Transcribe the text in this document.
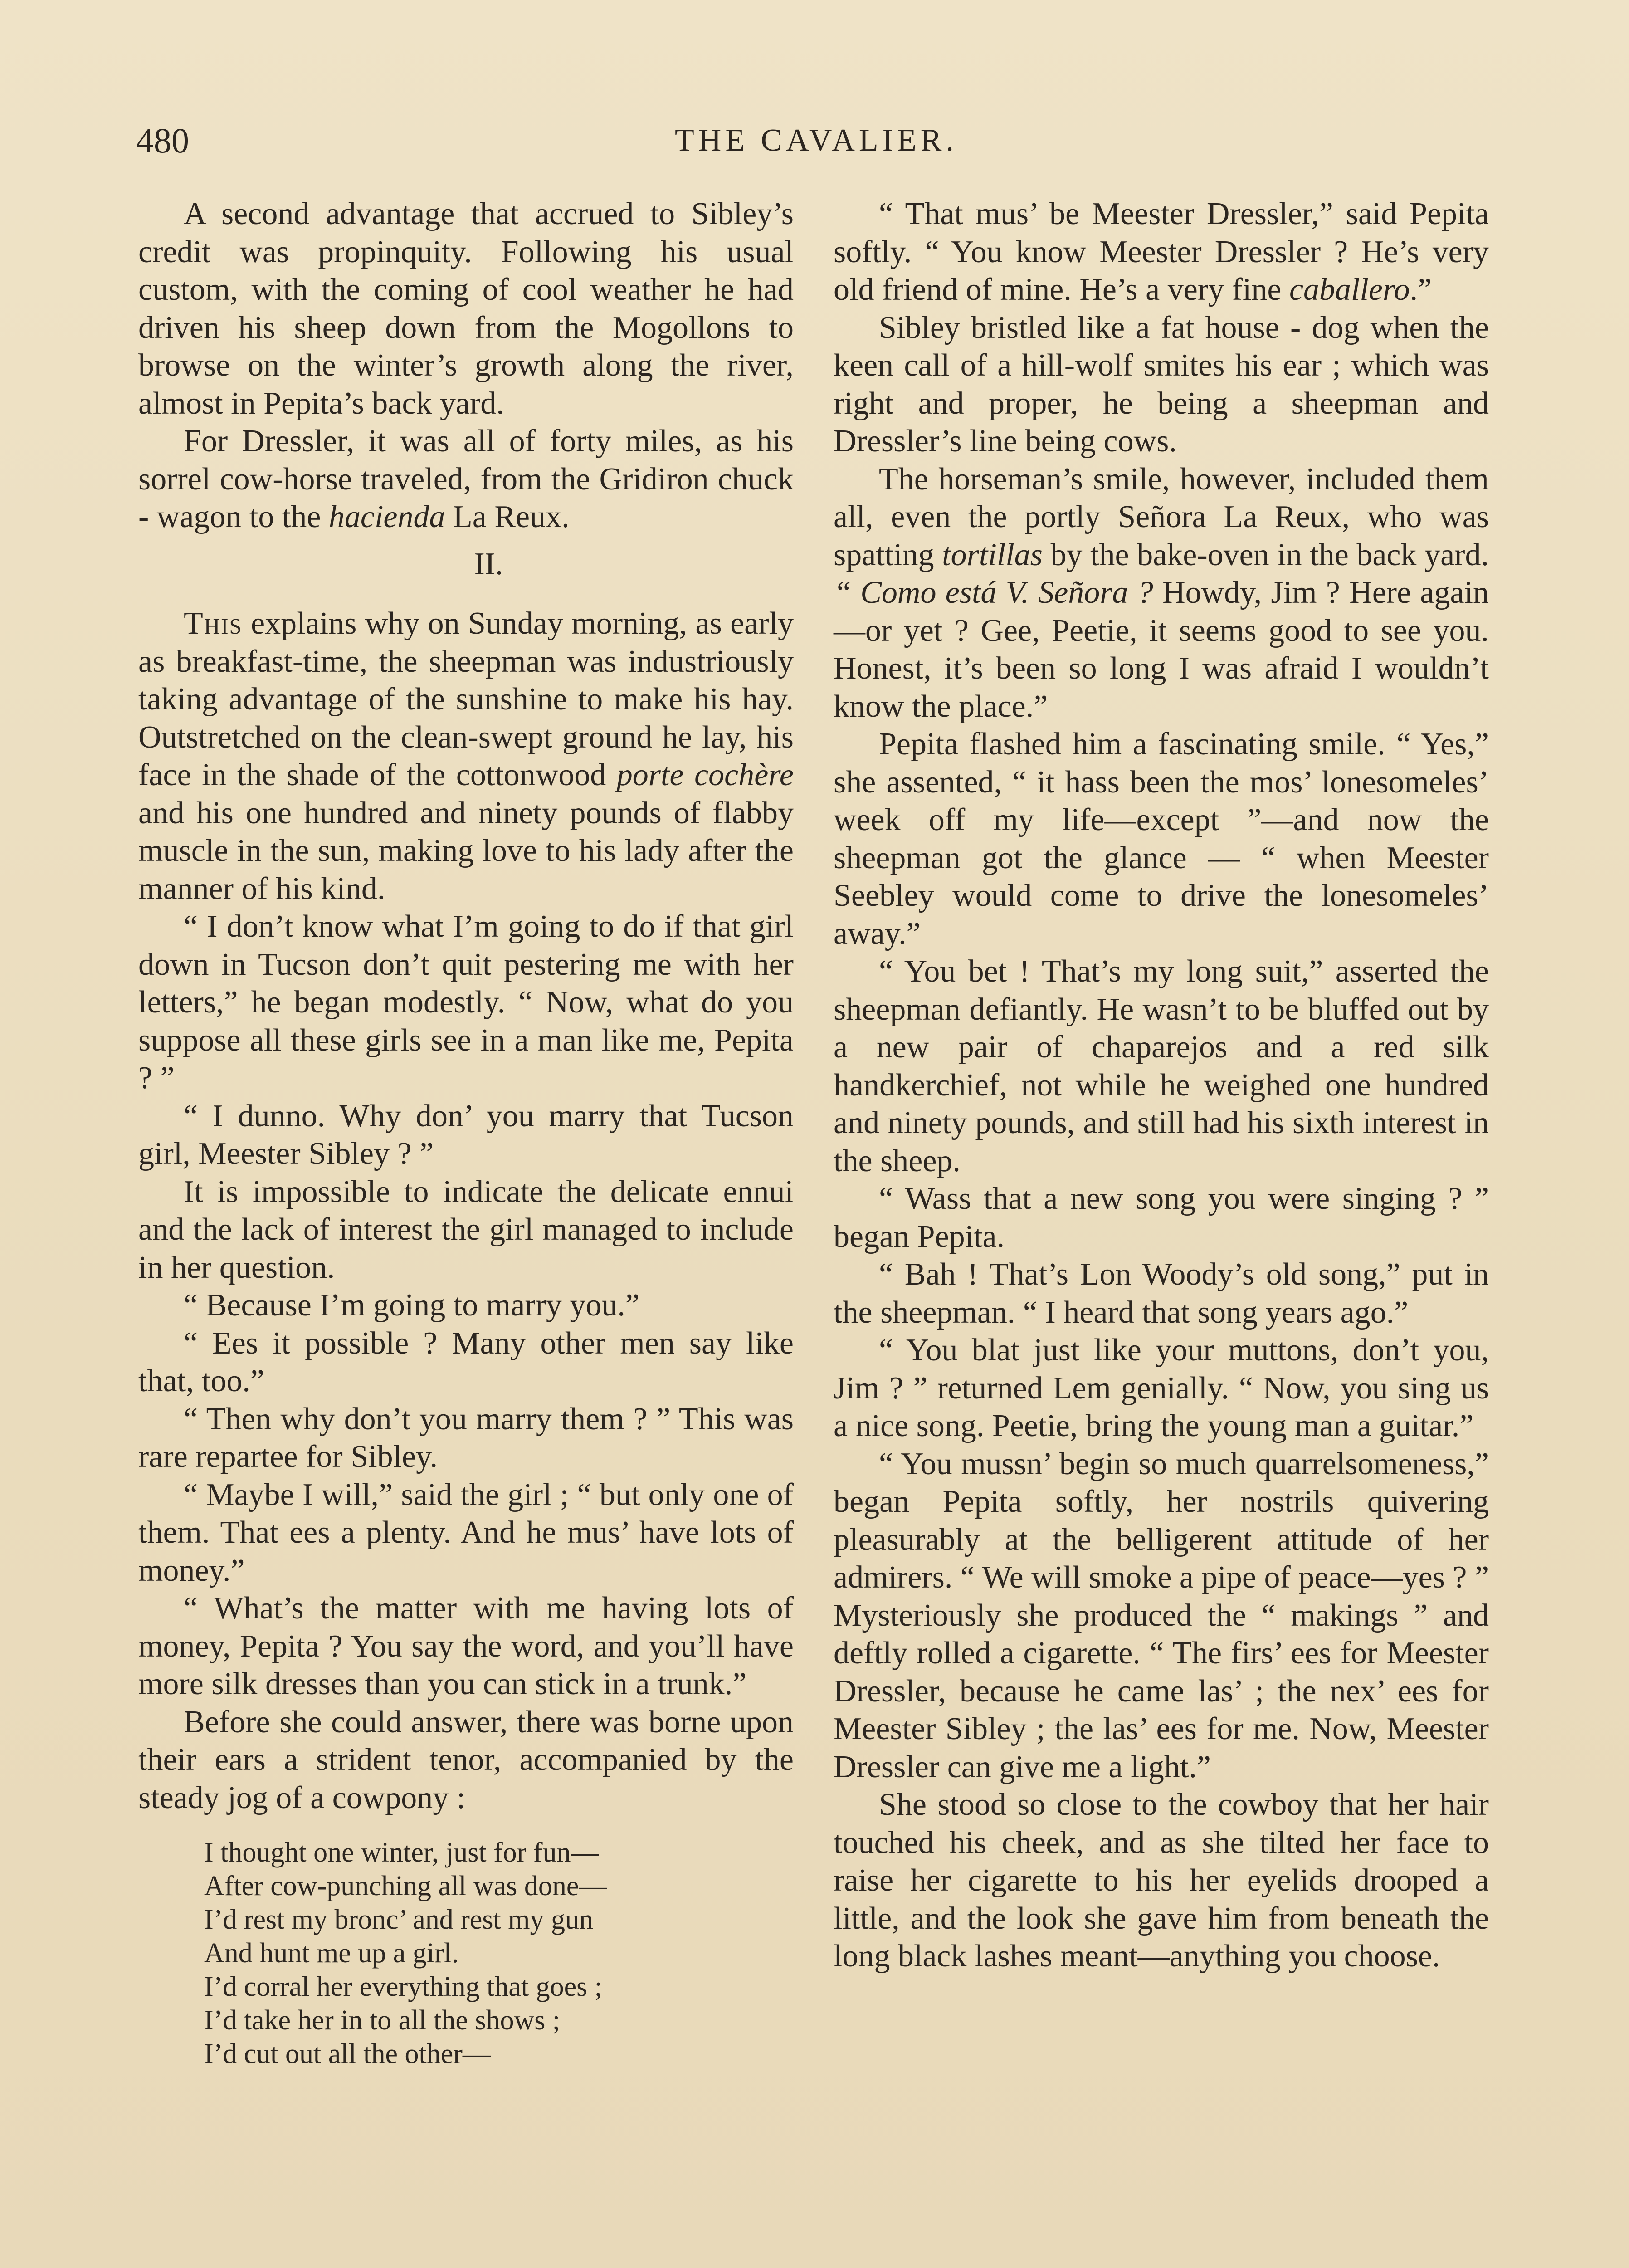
480	THE CAVALIER.

A second advantage that accrued to Sibley’s credit was propinquity. Following his usual custom, with the coming of cool weather he had driven his sheep down from the Mogollons to browse on the winter’s growth along the river, almost in Pepita’s back yard.

For Dressler, it was all of forty miles, as his sorrel cow-horse traveled, from the Gridiron chuck - wagon to the hacienda La Reux.

II.

This explains why on Sunday morning, as early as breakfast-time, the sheepman was industriously taking advantage of the sunshine to make his hay. Outstretched on the clean-swept ground he lay, his face in the shade of the cottonwood porte cochère and his one hundred and ninety pounds of flabby muscle in the sun, making love to his lady after the manner of his kind.

“ I don’t know what I’m going to do if that girl down in Tucson don’t quit pestering me with her letters,” he began modestly. “ Now, what do you suppose all these girls see in a man like me, Pepita ? ”

“ I dunno. Why don’ you marry that Tucson girl, Meester Sibley ? ”

It is impossible to indicate the delicate ennui and the lack of interest the girl managed to include in her question.

“ Because I’m going to marry you.”

“ Ees it possible ? Many other men say like that, too.”

“ Then why don’t you marry them ? ” This was rare repartee for Sibley.

“ Maybe I will,” said the girl ; “ but only one of them. That ees a plenty. And he mus’ have lots of money.”

“ What’s the matter with me having lots of money, Pepita ? You say the word, and you’ll have more silk dresses than you can stick in a trunk.”

Before she could answer, there was borne upon their ears a strident tenor, accompanied by the steady jog of a cowpony :

I thought one winter, just for fun—
After cow-punching all was done—
I’d rest my bronc’ and rest my gun
And hunt me up a girl.
I’d corral her everything that goes ;
I’d take her in to all the shows ;
I’d cut out all the other—

“ That mus’ be Meester Dressler,” said Pepita softly. “ You know Meester Dressler ? He’s very old friend of mine. He’s a very fine caballero.”

Sibley bristled like a fat house - dog when the keen call of a hill-wolf smites his ear ; which was right and proper, he being a sheepman and Dressler’s line being cows.

The horseman’s smile, however, included them all, even the portly Señora La Reux, who was spatting tortillas by the bake-oven in the back yard. “ Como está V. Señora ? Howdy, Jim ? Here again—or yet ? Gee, Peetie, it seems good to see you. Honest, it’s been so long I was afraid I wouldn’t know the place.”

Pepita flashed him a fascinating smile. “ Yes,” she assented, “ it hass been the mos’ lonesomeles’ week off my life—except ”—and now the sheepman got the glance — “ when Meester Seebley would come to drive the lonesomeles’ away.”

“ You bet ! That’s my long suit,” asserted the sheepman defiantly. He wasn’t to be bluffed out by a new pair of chaparejos and a red silk handkerchief, not while he weighed one hundred and ninety pounds, and still had his sixth interest in the sheep.

“ Wass that a new song you were singing ? ” began Pepita.

“ Bah ! That’s Lon Woody’s old song,” put in the sheepman. “ I heard that song years ago.”

“ You blat just like your muttons, don’t you, Jim ? ” returned Lem genially. “ Now, you sing us a nice song. Peetie, bring the young man a guitar.”

“ You mussn’ begin so much quarrelsomeness,” began Pepita softly, her nostrils quivering pleasurably at the belligerent attitude of her admirers. “ We will smoke a pipe of peace—yes ? ” Mysteriously she produced the “ makings ” and deftly rolled a cigarette. “ The firs’ ees for Meester Dressler, because he came las’ ; the nex’ ees for Meester Sibley ; the las’ ees for me. Now, Meester Dressler can give me a light.”

She stood so close to the cowboy that her hair touched his cheek, and as she tilted her face to raise her cigarette to his her eyelids drooped a little, and the look she gave him from beneath the long black lashes meant—anything you choose.
